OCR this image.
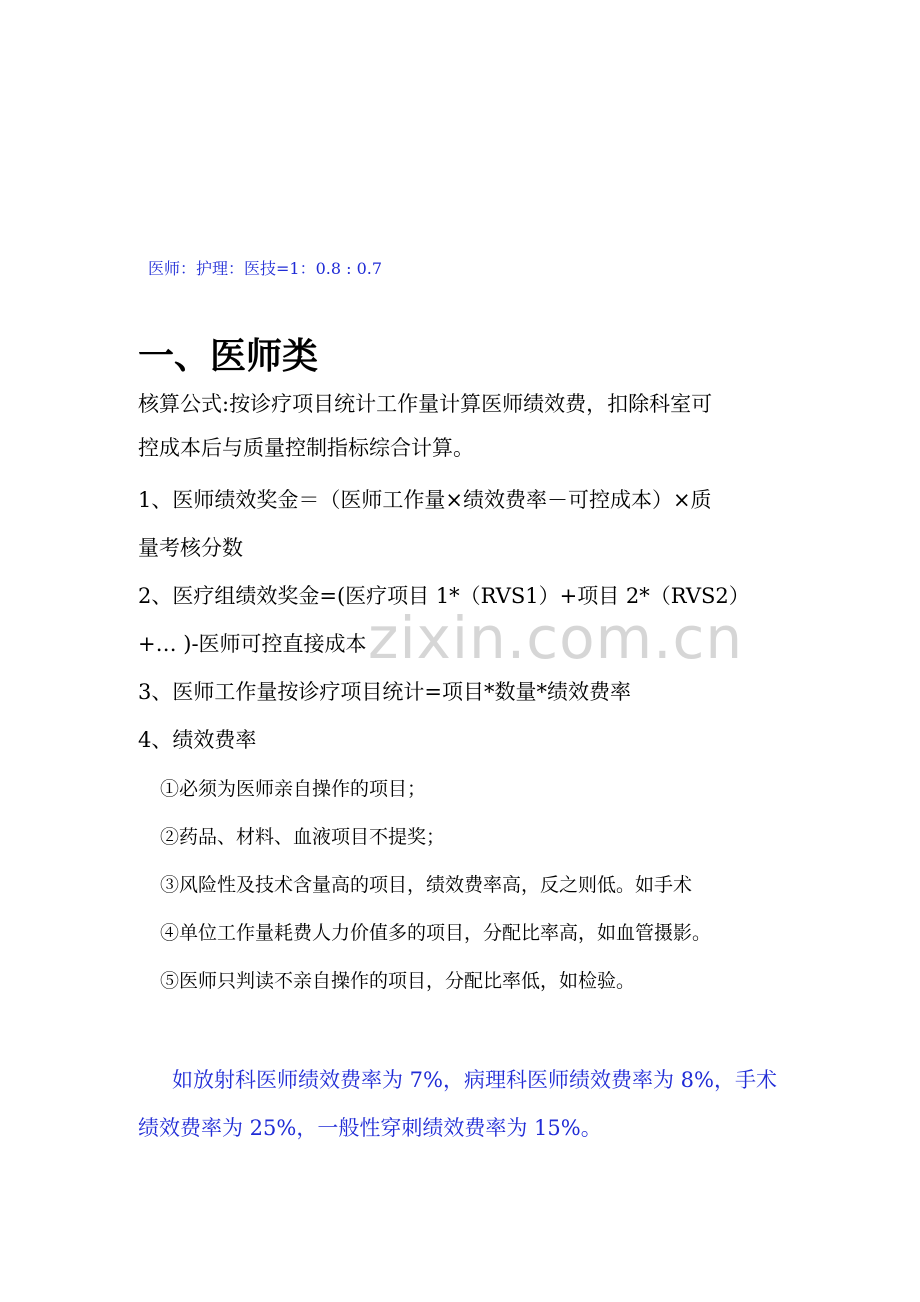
zixin.com.cn
医师：护理：医技=1：0.8 : 0.7
一、医师类
核算公式:按诊疗项目统计工作量计算医师绩效费，扣除科室可
控成本后与质量控制指标综合计算。
1、医师绩效奖金＝（医师工作量×绩效费率－可控成本）×质
量考核分数
2、医疗组绩效奖金=(医疗项目 1*（RVS1）+项目 2*（RVS2）
+… )-医师可控直接成本
3、医师工作量按诊疗项目统计=项目*数量*绩效费率
4、绩效费率
①必须为医师亲自操作的项目；
②药品、材料、血液项目不提奖；
③风险性及技术含量高的项目，绩效费率高，反之则低。如手术
④单位工作量耗费人力价值多的项目，分配比率高，如血管摄影。
⑤医师只判读不亲自操作的项目，分配比率低，如检验。
如放射科医师绩效费率为 7%，病理科医师绩效费率为 8%，手术
绩效费率为 25%，一般性穿刺绩效费率为 15%。
